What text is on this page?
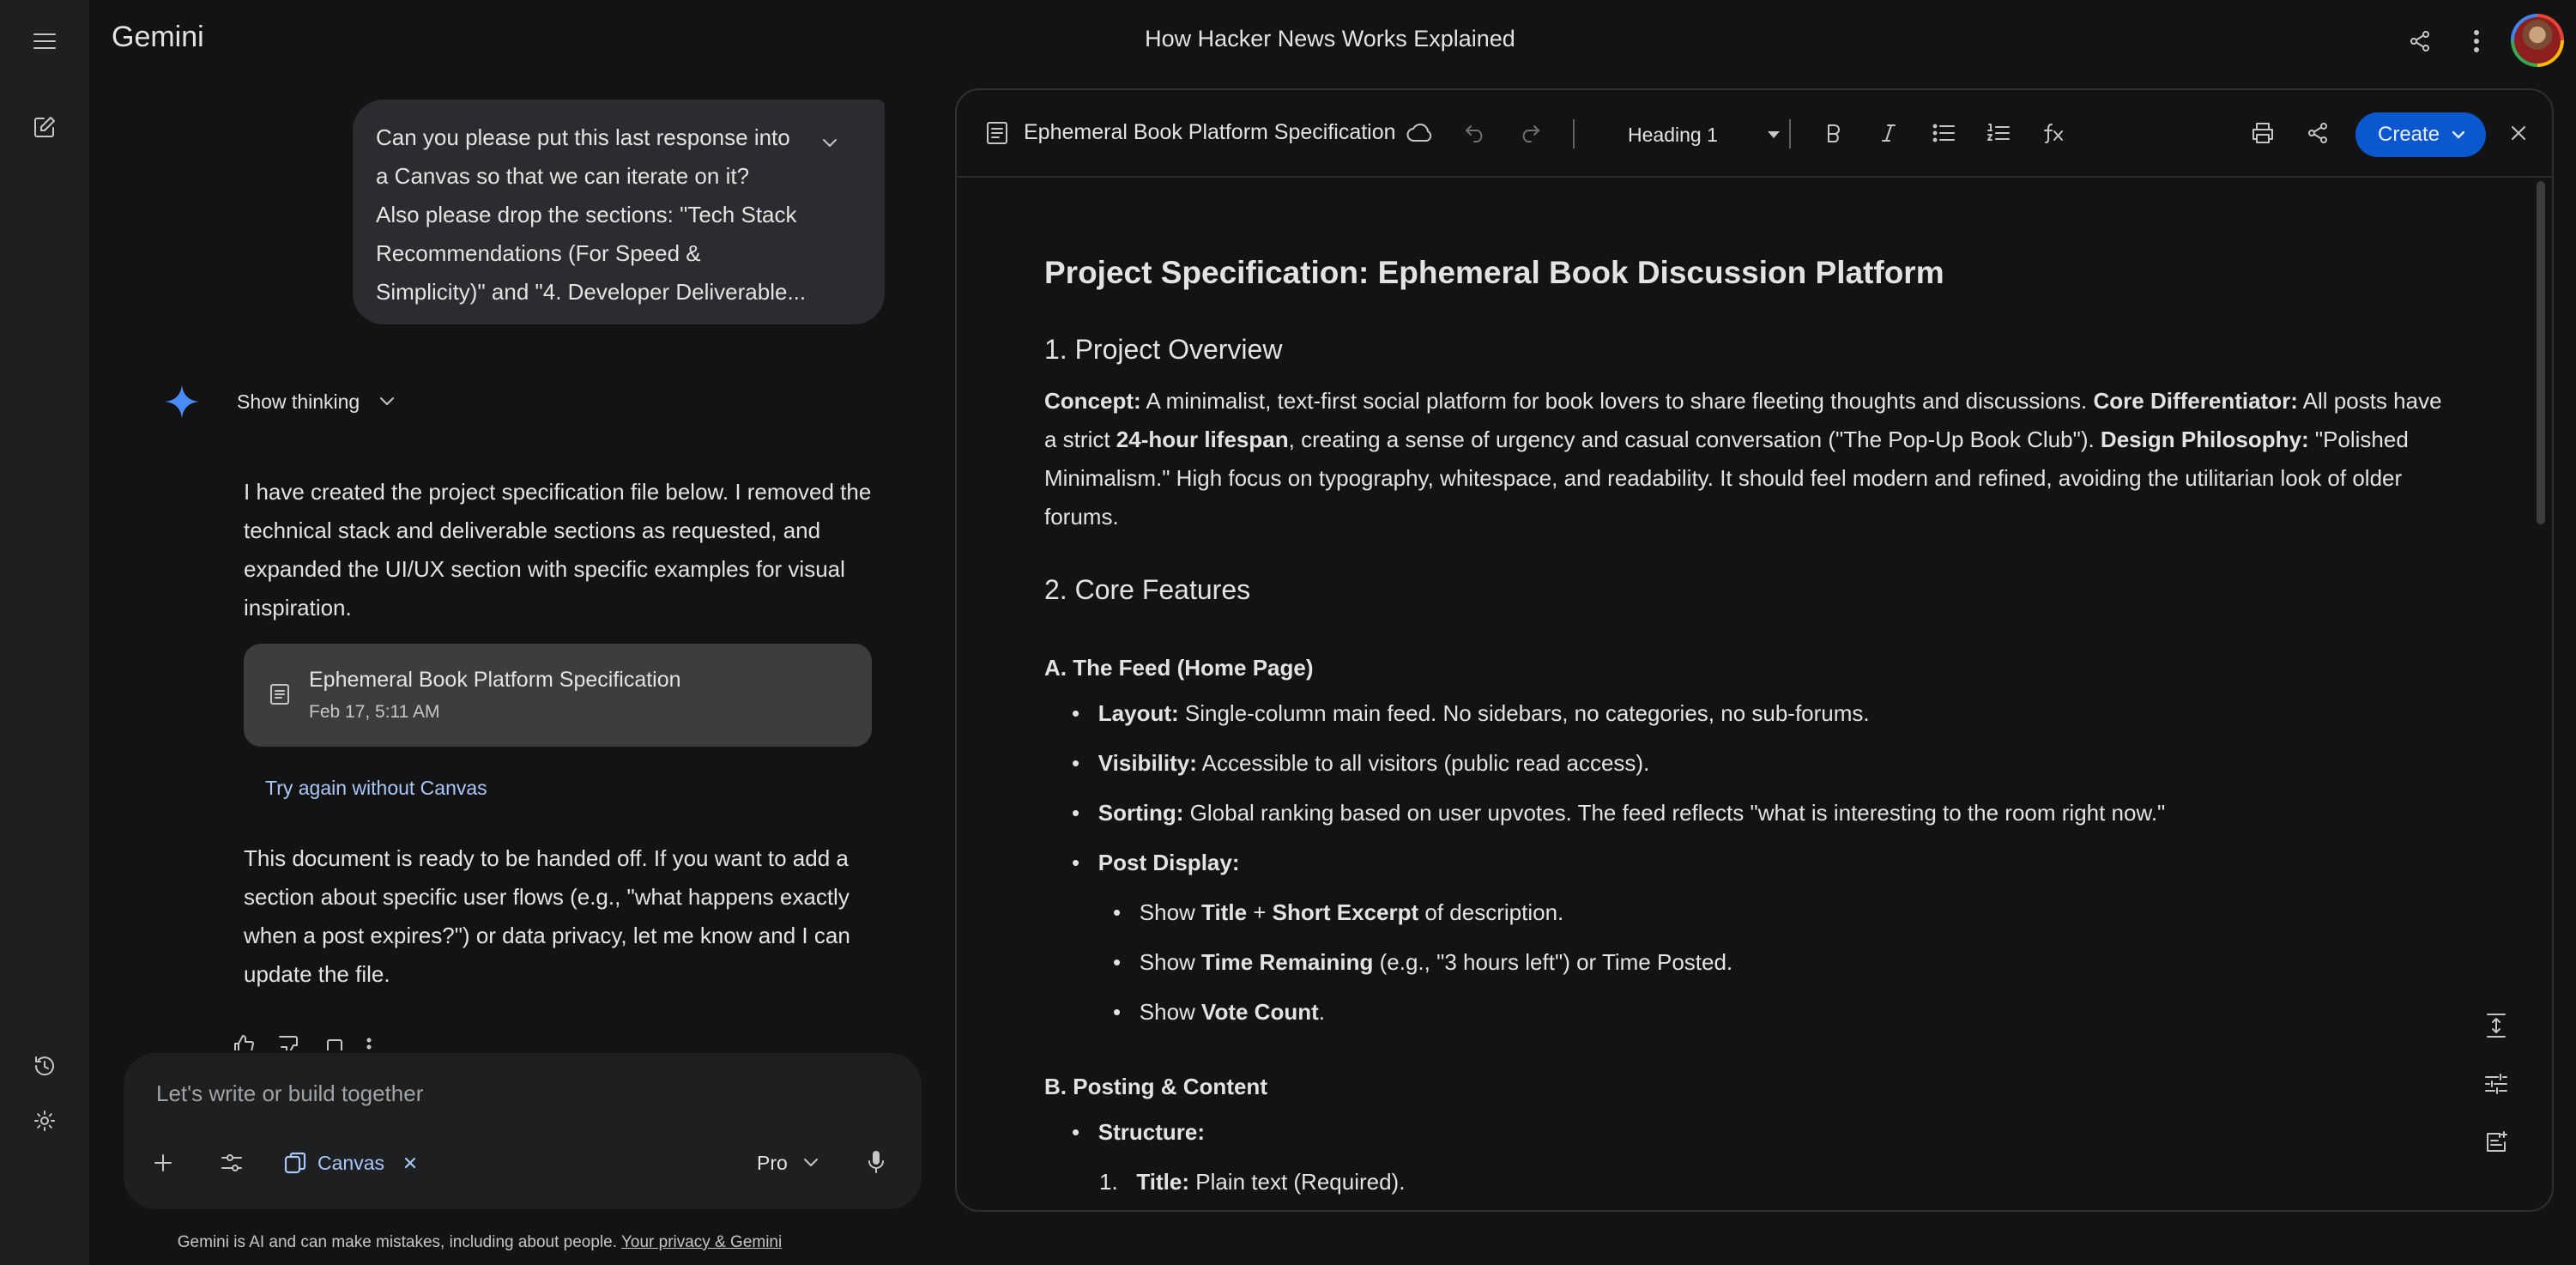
Gemini	How Hacker News Works Explained
Can you please put this last response into
a Canvas so that we can iterate on it?
Also please drop the sections: "Tech Stack
Recommendations (For Speed &
Simplicity)" and "4. Developer Deliverable...
Show thinking
I have created the project specification file below. I removed the technical stack and deliverable sections as requested, and expanded the UI/UX section with specific examples for visual inspiration.
Ephemeral Book Platform Specification
Feb 17, 5:11 AM
Try again without Canvas
This document is ready to be handed off. If you want to add a section about specific user flows (e.g., "what happens exactly when a post expires?") or data privacy, let me know and I can update the file.
Let's write or build together
Canvas	Pro
Gemini is AI and can make mistakes, including about people. Your privacy & Gemini
Ephemeral Book Platform Specification	Heading 1	Create
Project Specification: Ephemeral Book Discussion Platform
1. Project Overview
Concept: A minimalist, text-first social platform for book lovers to share fleeting thoughts and discussions. Core Differentiator: All posts have a strict 24-hour lifespan, creating a sense of urgency and casual conversation ("The Pop-Up Book Club"). Design Philosophy: "Polished Minimalism." High focus on typography, whitespace, and readability. It should feel modern and refined, avoiding the utilitarian look of older forums.
2. Core Features
A. The Feed (Home Page)
•   Layout: Single-column main feed. No sidebars, no categories, no sub-forums.
•   Visibility: Accessible to all visitors (public read access).
•   Sorting: Global ranking based on user upvotes. The feed reflects "what is interesting to the room right now."
•   Post Display:
•   Show Title + Short Excerpt of description.
•   Show Time Remaining (e.g., "3 hours left") or Time Posted.
•   Show Vote Count.
B. Posting & Content
•   Structure:
1. Title: Plain text (Required).
